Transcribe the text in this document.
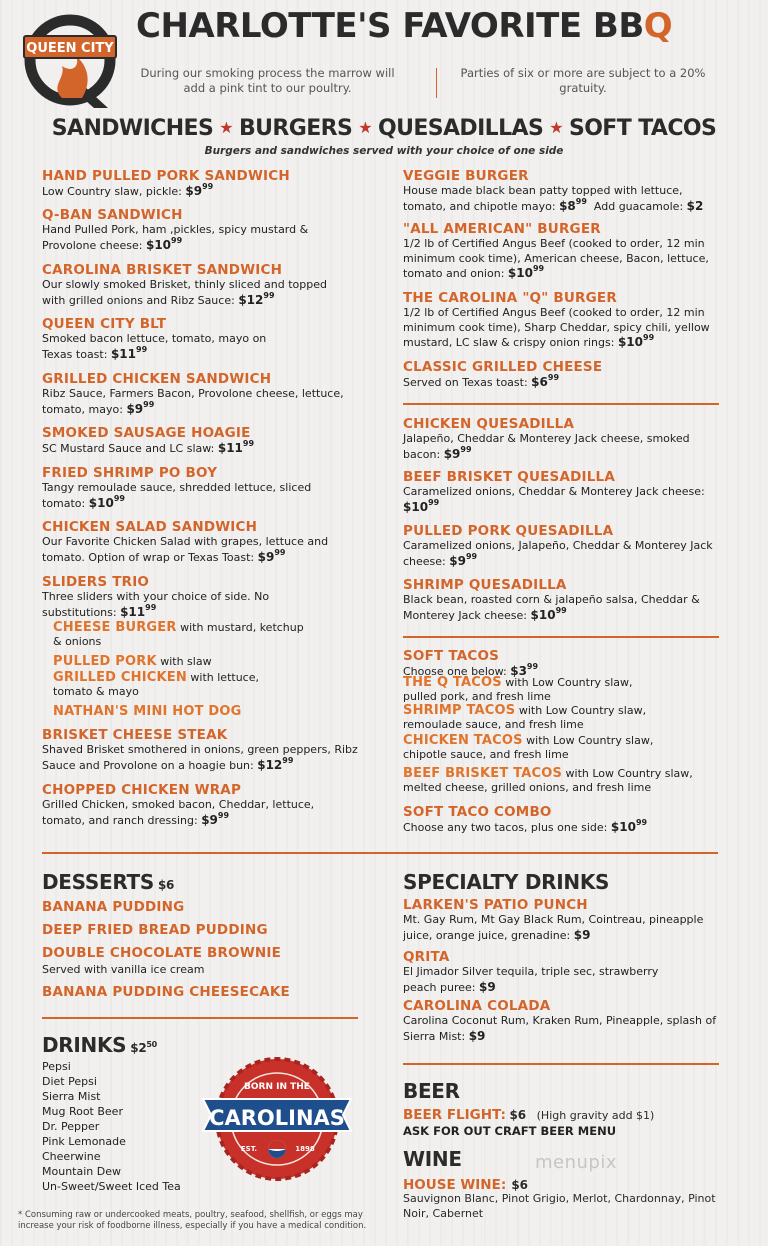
QUEEN CITY
CHARLOTTE'S FAVORITE BBQ
During our smoking process the marrow will add a pink tint to our poultry.
Parties of six or more are subject to a 20% gratuity.
SANDWICHES ★ BURGERS ★ QUESADILLAS ★ SOFT TACOS
Burgers and sandwiches served with your choice of one side
HAND PULLED PORK SANDWICH
Low Country slaw, pickle: $\$9^{99}$
Q-BAN SANDWICH
Hand Pulled Pork, ham ,pickles, spicy mustard & Provolone cheese: $\$10^{99}$
CAROLINA BRISKET SANDWICH
Our slowly smoked Brisket, thinly sliced and topped with grilled onions and Ribz Sauce: $\$12^{99}$
QUEEN CITY BLT
Smoked bacon lettuce, tomato, mayo on Texas toast: $\$11^{99}$
GRILLED CHICKEN SANDWICH
Ribz Sauce, Farmers Bacon, Provolone cheese, lettuce, tomato, mayo: $\$9^{99}$
SMOKED SAUSAGE HOAGIE
SC Mustard Sauce and LC slaw: $\$11^{99}$
FRIED SHRIMP PO BOY
Tangy remoulade sauce, shredded lettuce, sliced tomato: $\$10^{99}$
CHICKEN SALAD SANDWICH
Our Favorite Chicken Salad with grapes, lettuce and tomato. Option of wrap or Texas Toast: $\$9^{99}$
SLIDERS TRIO
Three sliders with your choice of side. No substitutions: $\$11^{99}$
CHEESE BURGER with mustard, ketchup & onions
PULLED PORK with slaw
GRILLED CHICKEN with lettuce, tomato & mayo
NATHAN'S MINI HOT DOG
BRISKET CHEESE STEAK
Shaved Brisket smothered in onions, green peppers, Ribz Sauce and Provolone on a hoagie bun: $\$12^{99}$
CHOPPED CHICKEN WRAP
Grilled Chicken, smoked bacon, Cheddar, lettuce, tomato, and ranch dressing: $\$9^{99}$
VEGGIE BURGER
House made black bean patty topped with lettuce, tomato, and chipotle mayo: $\$8^{99}$ Add guacamole: $2
"ALL AMERICAN" BURGER
1/2 lb of Certified Angus Beef (cooked to order, 12 min minimum cook time), American cheese, Bacon, lettuce, tomato and onion: $\$10^{99}$
THE CAROLINA "Q" BURGER
1/2 lb of Certified Angus Beef (cooked to order, 12 min minimum cook time), Sharp Cheddar, spicy chili, yellow mustard, LC slaw & crispy onion rings: $\$10^{99}$
CLASSIC GRILLED CHEESE
Served on Texas toast: $\$6^{99}$
CHICKEN QUESADILLA
Jalapeño, Cheddar & Monterey Jack cheese, smoked bacon: $\$9^{99}$
BEEF BRISKET QUESADILLA
Caramelized onions, Cheddar & Monterey Jack cheese: $\$10^{99}$
PULLED PORK QUESADILLA
Caramelized onions, Jalapeño, Cheddar & Monterey Jack cheese: $\$9^{99}$
SHRIMP QUESADILLA
Black bean, roasted corn & jalapeño salsa, Cheddar & Monterey Jack cheese: $\$10^{99}$
SOFT TACOS
Choose one below: $\$3^{99}$
THE Q TACOS with Low Country slaw, pulled pork, and fresh lime
SHRIMP TACOS with Low Country slaw, remoulade sauce, and fresh lime
CHICKEN TACOS with Low Country slaw, chipotle sauce, and fresh lime
BEEF BRISKET TACOS with Low Country slaw, melted cheese, grilled onions, and fresh lime
SOFT TACO COMBO
Choose any two tacos, plus one side: $\$10^{99}$
DESSERTS $6
BANANA PUDDING
DEEP FRIED BREAD PUDDING
DOUBLE CHOCOLATE BROWNIE
Served with vanilla ice cream
BANANA PUDDING CHEESECAKE
DRINKS $\$2^{50}$
Pepsi
Diet Pepsi
Sierra Mist
Mug Root Beer
Dr. Pepper
Pink Lemonade
Cheerwine
Mountain Dew
Un-Sweet/Sweet Iced Tea
BORN IN THE
CAROLINAS
EST.	1898
SPECIALTY DRINKS
LARKEN'S PATIO PUNCH
Mt. Gay Rum, Mt Gay Black Rum, Cointreau, pineapple juice, orange juice, grenadine: $9
QRITA
El Jimador Silver tequila, triple sec, strawberry peach puree: $9
CAROLINA COLADA
Carolina Coconut Rum, Kraken Rum, Pineapple, splash of Sierra Mist: $9
BEER
BEER FLIGHT: $6 (High gravity add $1)
ASK FOR OUT CRAFT BEER MENU
WINE
HOUSE WINE: $6
Sauvignon Blanc, Pinot Grigio, Merlot, Chardonnay, Pinot Noir, Cabernet
menupix
* Consuming raw or undercooked meats, poultry, seafood, shellfish, or eggs may increase your risk of foodborne illness, especially if you have a medical condition.
